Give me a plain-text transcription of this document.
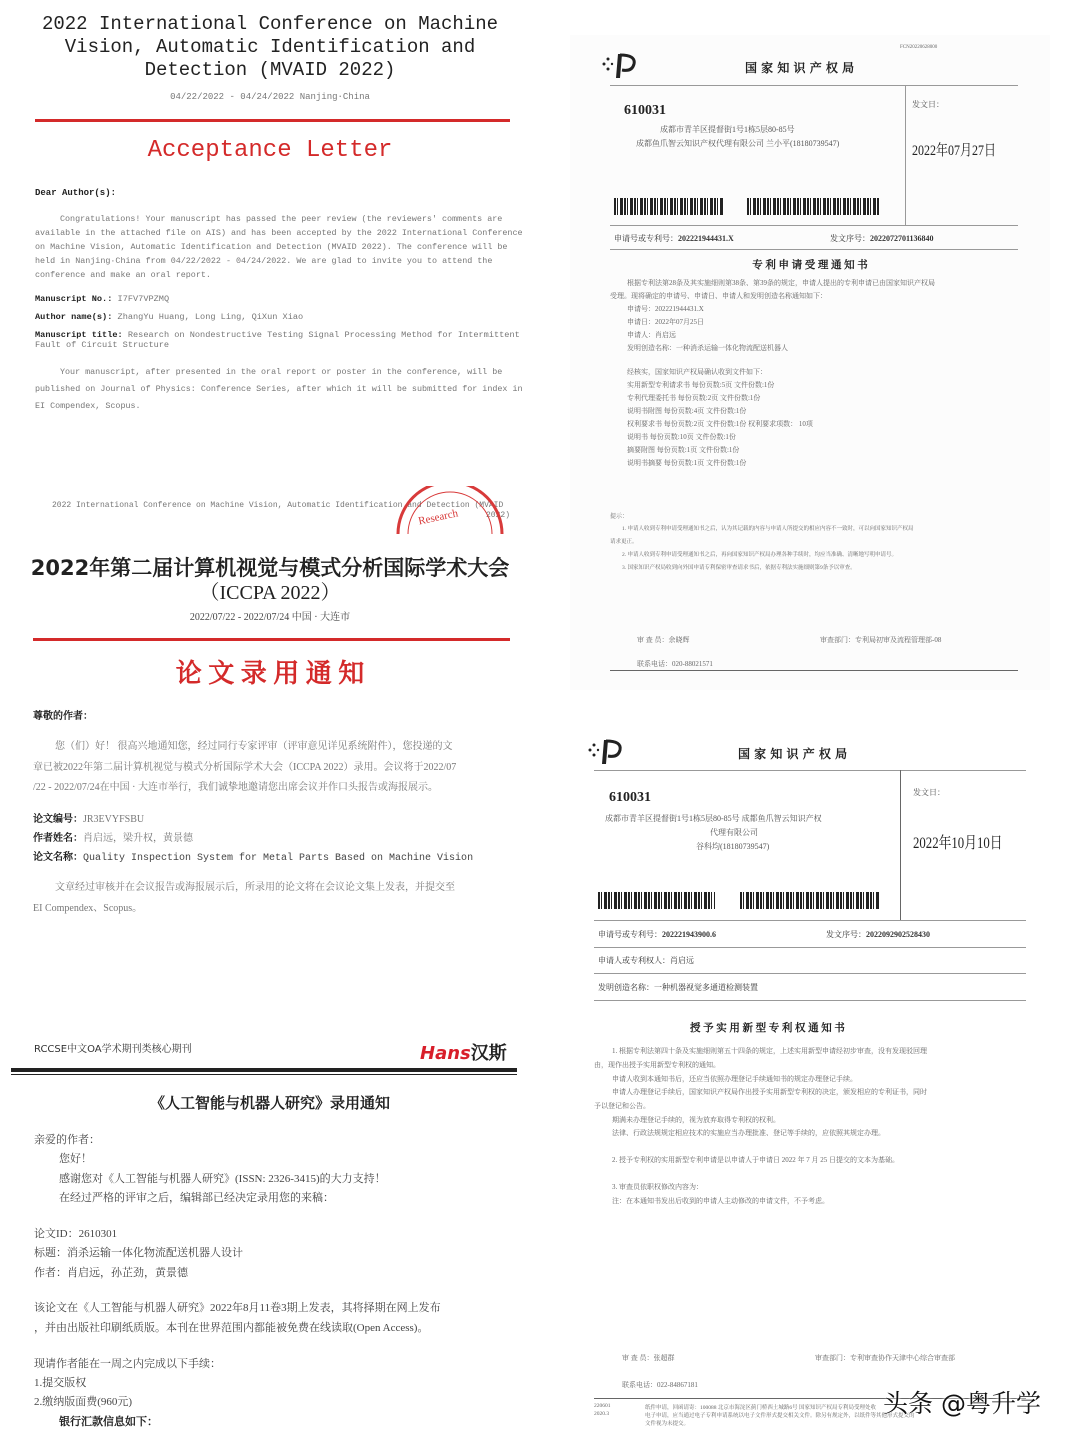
2022 International Conference on Machine
Vision, Automatic Identification and
Detection (MVAID 2022)
04/22/2022 - 04/24/2022 Nanjing·China
Acceptance Letter
Dear Author(s):
Congratulations! Your manuscript has passed the peer review (the reviewers' comments are
available in the attached file on AIS) and has been accepted by the 2022 International Conference
on Machine Vision, Automatic Identification and Detection (MVAID 2022). The conference will be
held in Nanjing·China from 04/22/2022 - 04/24/2022. We are glad to invite you to attend the
conference and make an oral report.
Manuscript No.: I7FV7VPZMQ
Author name(s): ZhangYu Huang, Long Ling, QiXun Xiao
Manuscript title: Research on Nondestructive Testing Signal Processing Method for Intermittent
Fault of Circuit Structure
Your manuscript, after presented in the oral report or poster in the conference, will be
published on Journal of Physics: Conference Series, after which it will be submitted for index in
EI Compendex, Scopus.
2022 International Conference on Machine Vision, Automatic Identification and Detection (MVAID
2022)
Research
2022年第二届计算机视觉与模式分析国际学术大会
（ICCPA 2022）
2022/07/22 - 2022/07/24 中国 · 大连市
论 文 录 用 通 知
尊敬的作者：
您（们）好！ 很高兴地通知您，经过同行专家评审（评审意见详见系统附件），您投递的文
章已被2022年第二届计算机视觉与模式分析国际学术大会（ICCPA 2022）录用。会议将于2022/07
/22 - 2022/07/24在中国 · 大连市举行，我们诚挚地邀请您出席会议并作口头报告或海报展示。
论文编号：JR3EVYFSBU
作者姓名：肖启远，梁升权，黄景德
论文名称：Quality Inspection System for Metal Parts Based on Machine Vision
文章经过审核并在会议报告或海报展示后，所录用的论文将在会议论文集上发表，并提交至
EI Compendex、Scopus。
RCCSE中文OA学术期刊类核心期刊	Hans汉斯
《人工智能与机器人研究》录用通知
亲爱的作者：
您好！
感谢您对《人工智能与机器人研究》(ISSN: 2326-3415)的大力支持！
在经过严格的评审之后，编辑部已经决定录用您的来稿：
论文ID：2610301
标题：消杀运输一体化物流配送机器人设计
作者：肖启远，孙芷劲，黄景德
该论文在《人工智能与机器人研究》2022年8月11卷3期上发表，其将择期在网上发布
，并由出版社印刷纸质版。本刊在世界范围内都能被免费在线读取(Open Access)。
现请作者能在一周之内完成以下手续：
1.提交版权
2.缴纳版面费(960元)
银行汇款信息如下：
FCN20220628000
国 家 知 识 产 权 局
610031
成都市青羊区提督街1号1栋5层80-85号
成都鱼爪智云知识产权代理有限公司 兰小平(18180739547)
发文日：
2022年07月27日
申请号或专利号：202221944431.X	发文序号：2022072701136840
专 利 申 请 受 理 通 知 书
根据专利法第28条及其实施细则第38条、第39条的规定，申请人提出的专利申请已由国家知识产权局
受理。现将确定的申请号、申请日、申请人和发明创造名称通知如下：
申请号：202221944431.X
申请日：2022年07月25日
申请人：肖启远
发明创造名称：一种消杀运输一体化物流配送机器人
经核实，国家知识产权局确认收到文件如下：
实用新型专利请求书 每份页数:5页 文件份数:1份
专利代理委托书 每份页数:2页 文件份数:1份
说明书附图 每份页数:4页 文件份数:1份
权利要求书 每份页数:2页 文件份数:1份 权利要求项数： 10项
说明书 每份页数:10页 文件份数:1份
摘要附图 每份页数:1页 文件份数:1份
说明书摘要 每份页数:1页 文件份数:1份
提示：
1. 申请人收到专利申请受理通知书之后，认为其记载的内容与申请人所提交的相应内容不一致时，可以向国家知识产权局
请求更正。
2. 申请人收到专利申请受理通知书之后，再向国家知识产权局办理各种手续时，均应当准确、清晰地写明申请号。
3. 国家知识产权局收到向外国申请专利保密审查请求书后，依据专利法实施细则第9条予以审查。
审 查 员：余晓辉	审查部门：专利局初审及流程管理部-08
联系电话：020-88021571
国 家 知 识 产 权 局
610031
成都市青羊区提督街1号1栋5层80-85号 成都鱼爪智云知识产权
代理有限公司
谷科均(18180739547)
发文日：
2022年10月10日
申请号或专利号：202221943900.6	发文序号：2022092902528430
申请人或专利权人：肖启远
发明创造名称：一种机器视觉多通道检测装置
授 予 实 用 新 型 专 利 权 通 知 书
1. 根据专利法第四十条及实施细则第五十四条的规定，上述实用新型申请经初步审查，没有发现驳回理
由，现作出授予实用新型专利权的通知。
申请人收到本通知书后，还应当依照办理登记手续通知书的规定办理登记手续。
申请人办理登记手续后，国家知识产权局作出授予实用新型专利权的决定，颁发相应的专利证书，同时
予以登记和公告。
期满未办理登记手续的，视为放弃取得专利权的权利。
法律、行政法规规定相应技术的实施应当办理批准、登记等手续的，应依照其规定办理。
2. 授予专利权的实用新型专利申请是以申请人于申请日 2022 年 7 月 25 日提交的文本为基础。
3. 审查员依职权修改内容为：
注：在本通知书发出后收到的申请人主动修改的申请文件，不予考虑。
审 查 员：张超群	审查部门：专利审查协作天津中心综合审查部
联系电话：022-84867181
220601
2020.3
纸件申请，回函请寄：100088 北京市海淀区蓟门桥西土城路6号 国家知识产权局专利局受理处收
电子申请，应当通过电子专利申请系统以电子文件形式提交相关文件。除另有规定外，以纸件等其他形式提交的
文件视为未提交。
头条 @粤升学
